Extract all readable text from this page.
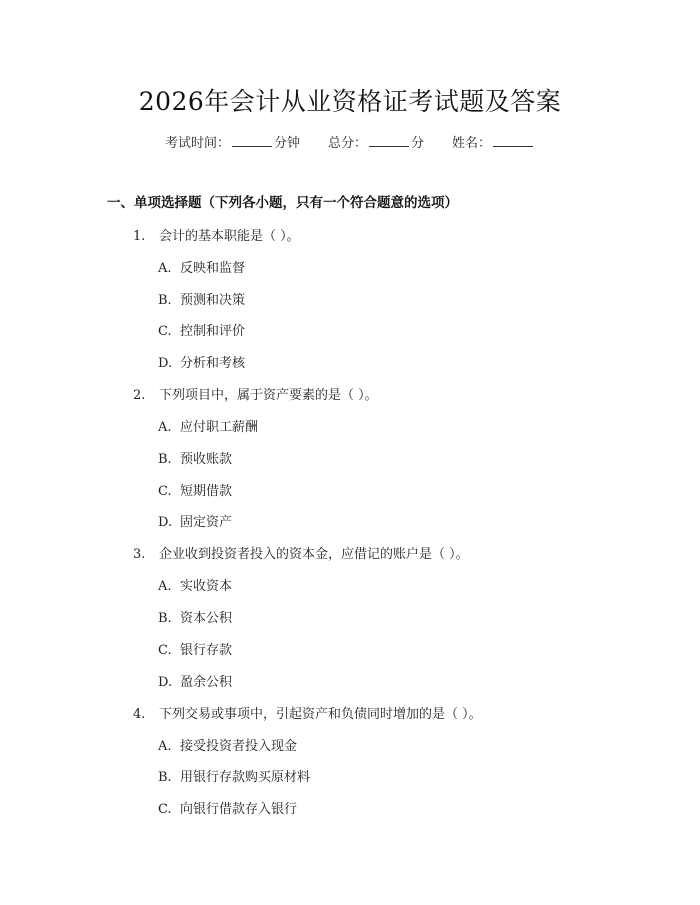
2026年会计从业资格证考试题及答案
考试时间：	分钟 总分：	分 姓名：
一、单项选择题（下列各小题，只有一个符合题意的选项）
1. 会计的基本职能是（ ）。
A. 反映和监督
B. 预测和决策
C. 控制和评价
D. 分析和考核
2. 下列项目中，属于资产要素的是（ ）。
A. 应付职工薪酬
B. 预收账款
C. 短期借款
D. 固定资产
3. 企业收到投资者投入的资本金，应借记的账户是（ ）。
A. 实收资本
B. 资本公积
C. 银行存款
D. 盈余公积
4. 下列交易或事项中，引起资产和负债同时增加的是（ ）。
A. 接受投资者投入现金
B. 用银行存款购买原材料
C. 向银行借款存入银行
